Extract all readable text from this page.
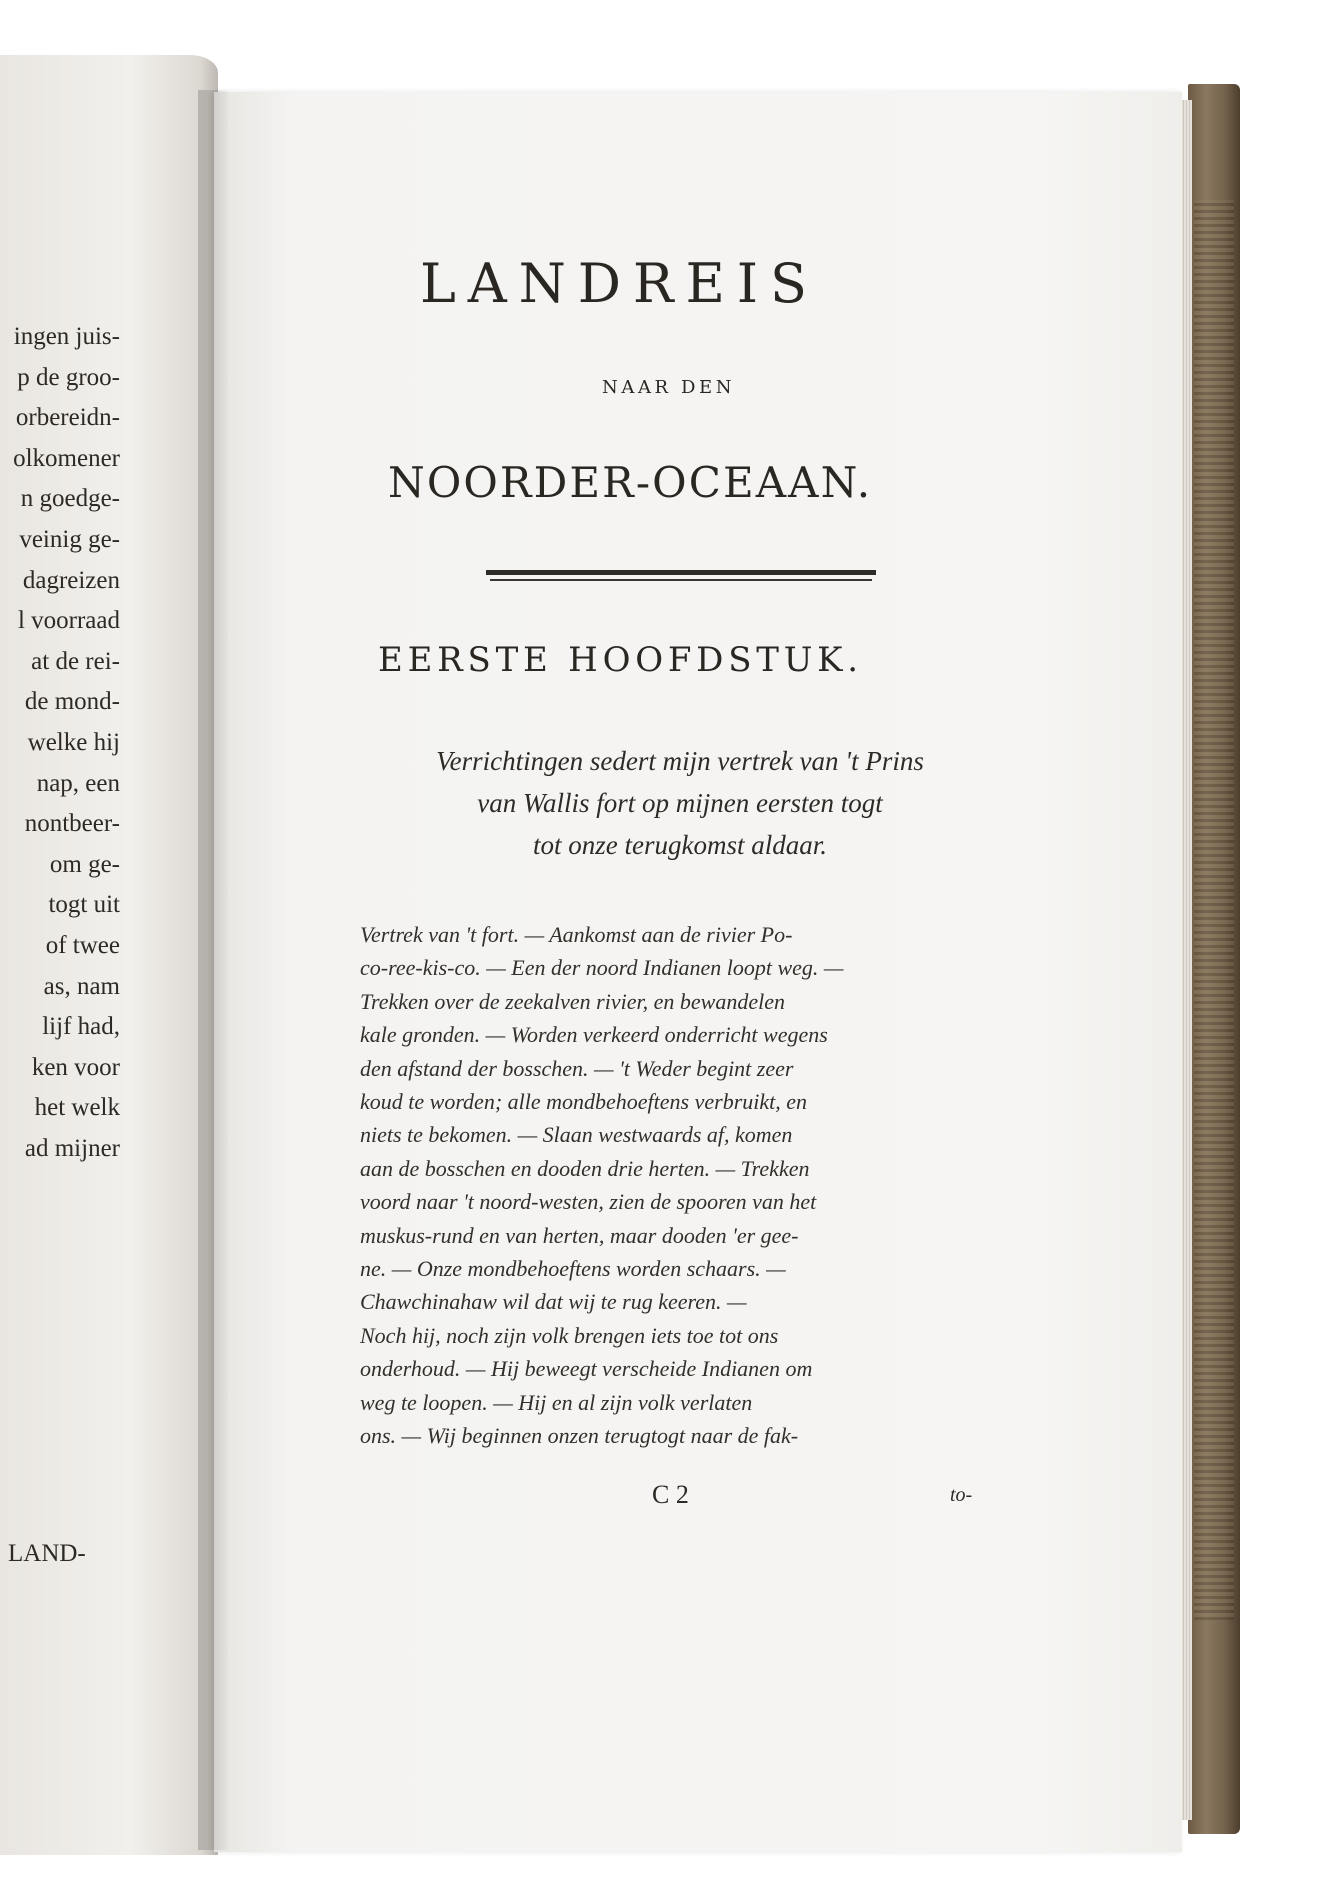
ingen juis-
p de groo-
orbereidn-
olkomener
n goedge-
veinig ge-
dagreizen
l voorraad
at de rei-
de mond-
welke hij
nap, een
nontbeer-
om ge-
togt uit
of twee
as, nam
lijf had,
ken voor
het welk
ad mijner
LAND-
LANDREIS
NAAR DEN
NOORDER-OCEAAN.
EERSTE HOOFDSTUK.
Verrichtingen sedert mijn vertrek van 't Prins
van Wallis fort op mijnen eersten togt
tot onze terugkomst aldaar.
Vertrek van 't fort. — Aankomst aan de rivier Po-
co-ree-kis-co. — Een der noord Indianen loopt weg. —
Trekken over de zeekalven rivier, en bewandelen
kale gronden. — Worden verkeerd onderricht wegens
den afstand der bosschen. — 't Weder begint zeer
koud te worden; alle mondbehoeftens verbruikt, en
niets te bekomen. — Slaan westwaards af, komen
aan de bosschen en dooden drie herten. — Trekken
voord naar 't noord-westen, zien de spooren van het
muskus-rund en van herten, maar dooden 'er gee-
ne. — Onze mondbehoeftens worden schaars. —
Chawchinahaw wil dat wij te rug keeren. —
Noch hij, noch zijn volk brengen iets toe tot ons
onderhoud. — Hij beweegt verscheide Indianen om
weg te loopen. — Hij en al zijn volk verlaten
ons. — Wij beginnen onzen terugtogt naar de fak-
C 2	to-
